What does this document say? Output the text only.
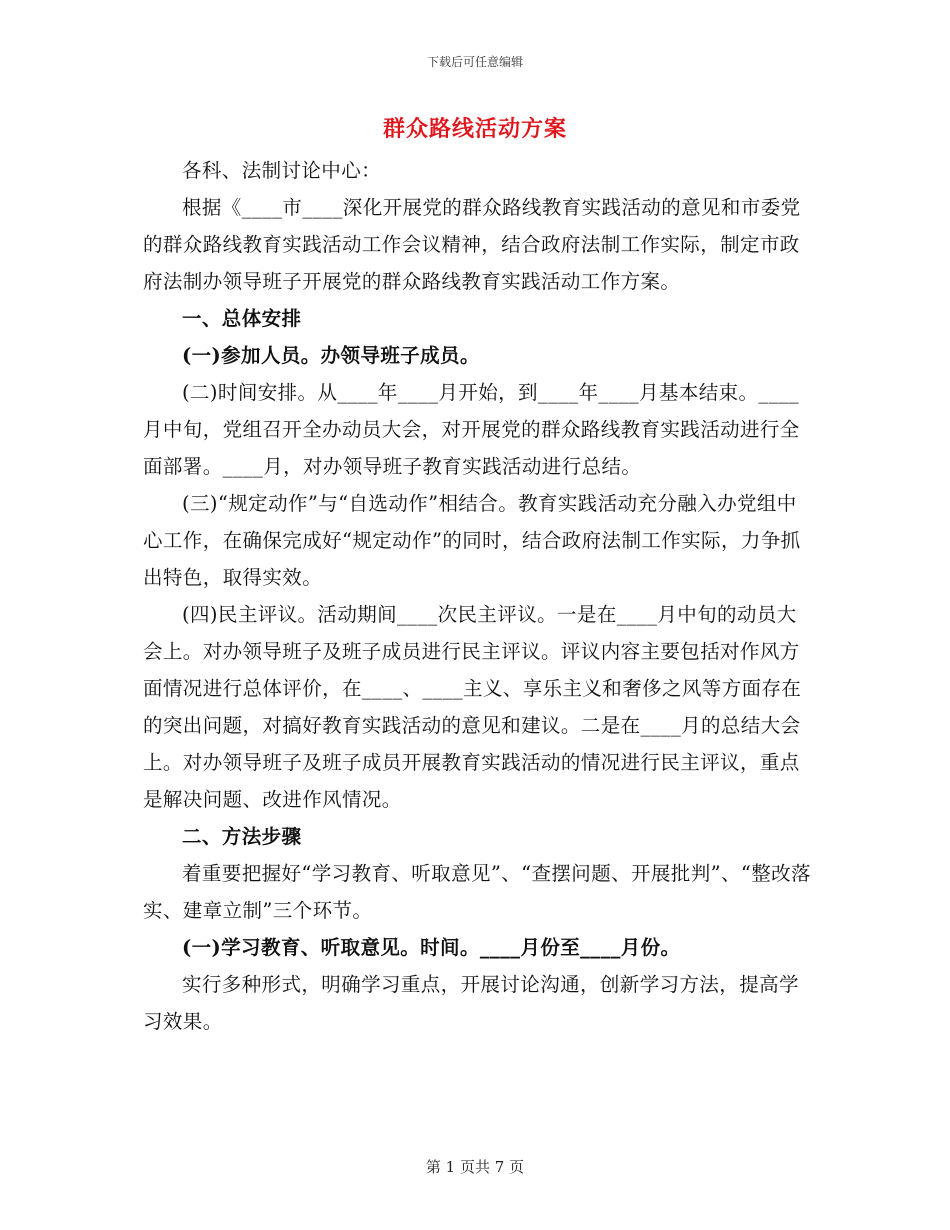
下载后可任意编辑
群众路线活动方案

各科、法制讨论中心：

根据《____市____深化开展党的群众路线教育实践活动的意见和市委党的群众路线教育实践活动工作会议精神，结合政府法制工作实际，制定市政府法制办领导班子开展党的群众路线教育实践活动工作方案。

一、总体安排

(一)参加人员。办领导班子成员。

(二)时间安排。从____年____月开始，到____年____月基本结束。____月中旬，党组召开全办动员大会，对开展党的群众路线教育实践活动进行全面部署。____月，对办领导班子教育实践活动进行总结。

(三)“规定动作”与“自选动作”相结合。教育实践活动充分融入办党组中心工作，在确保完成好“规定动作”的同时，结合政府法制工作实际，力争抓出特色，取得实效。

(四)民主评议。活动期间____次民主评议。一是在____月中旬的动员大会上。对办领导班子及班子成员进行民主评议。评议内容主要包括对作风方面情况进行总体评价，在____、____主义、享乐主义和奢侈之风等方面存在的突出问题，对搞好教育实践活动的意见和建议。二是在____月的总结大会上。对办领导班子及班子成员开展教育实践活动的情况进行民主评议，重点是解决问题、改进作风情况。

二、方法步骤

着重要把握好“学习教育、听取意见”、“查摆问题、开展批判”、“整改落实、建章立制”三个环节。

(一)学习教育、听取意见。时间。____月份至____月份。

实行多种形式，明确学习重点，开展讨论沟通，创新学习方法，提高学习效果。

第 1 页共 7 页
